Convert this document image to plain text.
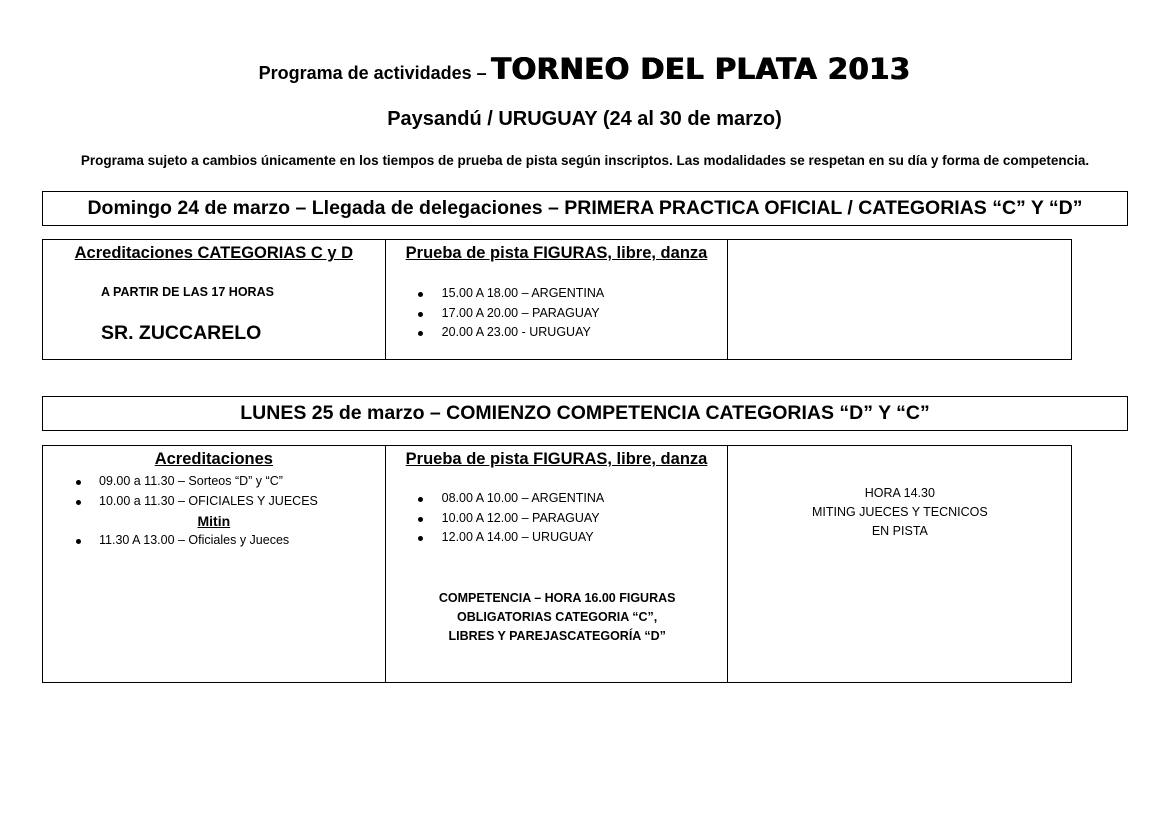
Programa de actividades – TORNEO DEL PLATA 2013
Paysandú / URUGUAY (24 al 30 de marzo)
Programa sujeto a cambios únicamente en los tiempos de prueba de pista según inscriptos. Las modalidades se respetan en su día y forma de competencia.
Domingo 24 de marzo – Llegada de delegaciones – PRIMERA PRACTICA OFICIAL / CATEGORIAS “C” Y “D”
Acreditaciones CATEGORIAS C y D
A PARTIR DE LAS 17 HORAS
SR. ZUCCARELO
Prueba de pista FIGURAS, libre, danza
15.00 A 18.00 – ARGENTINA
17.00 A 20.00 – PARAGUAY
20.00 A 23.00 - URUGUAY
LUNES 25 de marzo – COMIENZO COMPETENCIA CATEGORIAS “D” Y “C”
Acreditaciones
09.00 a 11.30 – Sorteos “D” y “C”
10.00 a 11.30 – OFICIALES Y JUECES
Mitin
11.30 A 13.00 – Oficiales y Jueces
Prueba de pista FIGURAS, libre, danza
08.00 A 10.00 – ARGENTINA
10.00 A 12.00 – PARAGUAY
12.00 A 14.00 – URUGUAY
COMPETENCIA – HORA 16.00 FIGURAS
OBLIGATORIAS CATEGORIA “C”,
LIBRES Y PAREJASCATEGORÍA “D”
HORA 14.30
MITING JUECES Y TECNICOS
EN PISTA
